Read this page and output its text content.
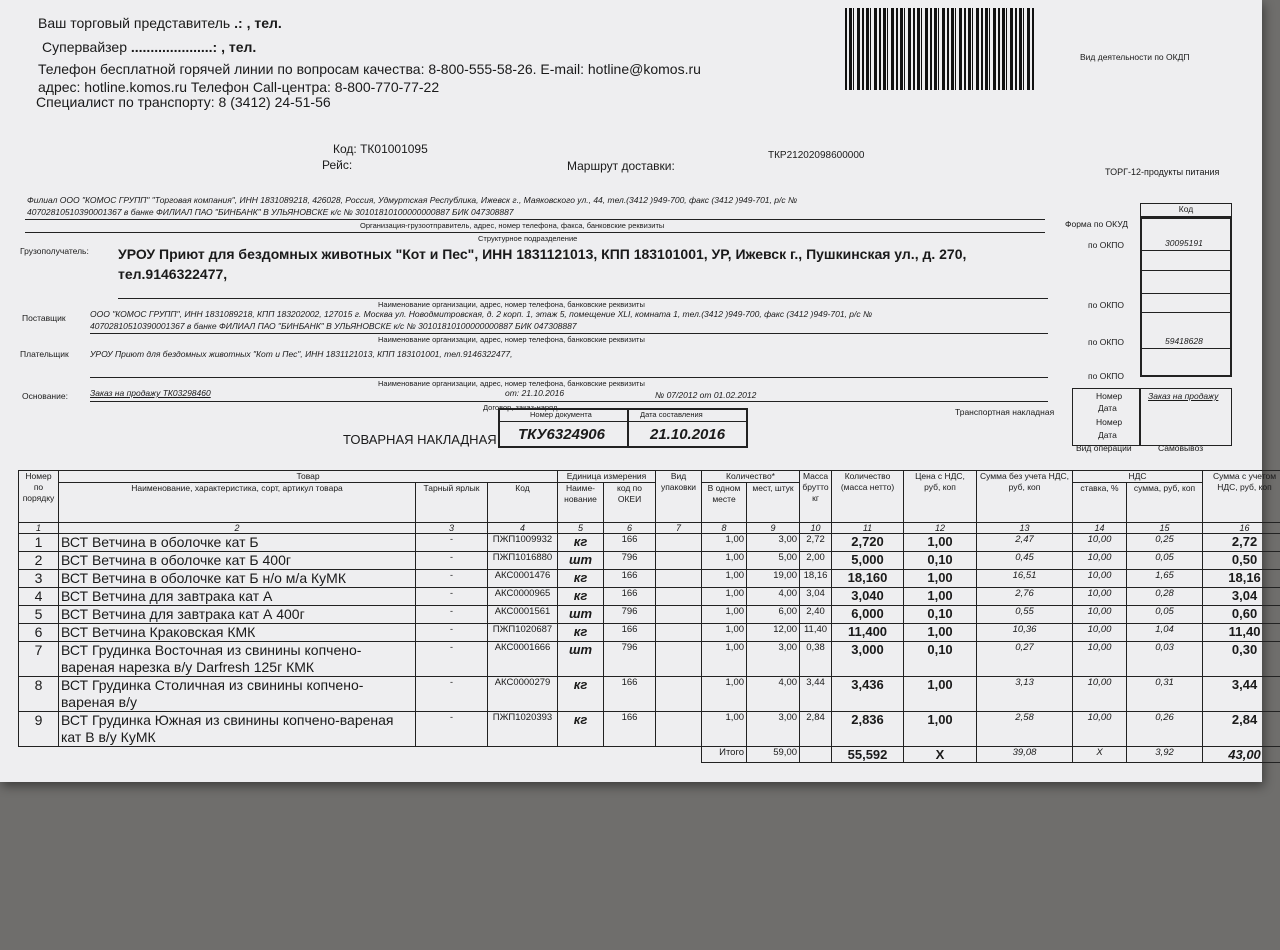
Ваш торговый представитель .: , тел.
Супервайзер .....................: , тел.
Телефон бесплатной горячей линии по вопросам качества: 8-800-555-58-26. E-mail: hotline@komos.ru
адрес: hotline.komos.ru Телефон Call-центра: 8-800-770-77-22
Специалист по транспорту: 8 (3412) 24-51-56
Вид деятельности по ОКДП
Код: ТК01001095
Рейс:	Маршрут доставки:
ТКР21202098600000
ТОРГ-12-продукты питания
Филиал ООО "КОМОС ГРУПП" "Торговая компания", ИНН 1831089218, 426028, Россия, Удмуртская Республика, Ижевск г., Маяковского ул., 44, тел.(3412 )949-700, факс (3412 )949-701, р/с №
40702810510390001367 в банке ФИЛИАЛ ПАО "БИНБАНК" В УЛЬЯНОВСКЕ к/с № 30101810100000000887 БИК 047308887
Организация-грузоотправитель, адрес, номер телефона, факса, банковские реквизиты
Структурное подразделение
Грузополучатель: УРОУ Приют для бездомных животных "Кот и Пес", ИНН 1831121013, КПП 183101001, УР, Ижевск г., Пушкинская ул., д. 270,
тел.9146322477,
Наименование организации, адрес, номер телефона, банковские реквизиты
Поставщик	ООО "КОМОС ГРУПП", ИНН 1831089218, КПП 183202002, 127015 г. Москва ул. Новодмитровская, д. 2 корп. 1, этаж 5, помещение XLI, комната 1, тел.(3412 )949-700, факс (3412 )949-701, р/с №
40702810510390001367 в банке ФИЛИАЛ ПАО "БИНБАНК" В УЛЬЯНОВСКЕ к/с № 30101810100000000887 БИК 047308887
Наименование организации, адрес, номер телефона, банковские реквизиты
Плательщик	УРОУ Приют для бездомных животных "Кот и Пес", ИНН 1831121013, КПП 183101001, тел.9146322477,
Наименование организации, адрес, номер телефона, банковские реквизиты
Основание:	Заказ на продажу ТК03298460	от: 21.10.2016	№ 07/2012 от 01.02.2012
Договор, заказ-наряд	Транспортная накладная
Код
Форма по ОКУД
по ОКПО	30095191
по ОКПО
по ОКПО	59418628
по ОКПО
Номер
Дата
Номер
Дата
Заказ на продажу
Вид операции	Самовывоз
ТОВАРНАЯ НАКЛАДНАЯ
Номер документа	Дата составления
ТКУ6324906	21.10.2016
Номер по порядку	Товар			Единица измерения		Вид упаковки	Количество*		Масса брутто кг	Количество (масса нетто)	Цена с НДС, руб, коп	Сумма без учета НДС, руб, коп	НДС		Сумма с учетом НДС, руб, коп
	Наименование, характеристика, сорт, артикул товара	Тарный ярлык	Код	Наиме-нование	код по ОКЕИ		В одном месте	мест, штук					ставка, %	сумма, руб, коп	
1	2	3	4	5	6	7	8	9	10	11	12	13	14	15	16
1	ВСТ Ветчина в оболочке кат Б	-	ПЖП1009932	кг	166		1,00	3,00	2,72	2,720	1,00	2,47	10,00	0,25	2,72
2	ВСТ Ветчина в оболочке кат Б 400г	-	ПЖП1016880	шт	796		1,00	5,00	2,00	5,000	0,10	0,45	10,00	0,05	0,50
3	ВСТ Ветчина в оболочке кат Б н/о м/а КуМК	-	АКС0001476	кг	166		1,00	19,00	18,16	18,160	1,00	16,51	10,00	1,65	18,16
4	ВСТ Ветчина для завтрака кат А	-	АКС0000965	кг	166		1,00	4,00	3,04	3,040	1,00	2,76	10,00	0,28	3,04
5	ВСТ Ветчина для завтрака кат А 400г	-	АКС0001561	шт	796		1,00	6,00	2,40	6,000	0,10	0,55	10,00	0,05	0,60
6	ВСТ Ветчина Краковская КМК	-	ПЖП1020687	кг	166		1,00	12,00	11,40	11,400	1,00	10,36	10,00	1,04	11,40
7	ВСТ Грудинка Восточная из свинины копчено-вареная нарезка в/у Darfresh 125г КМК	-	АКС0001666	шт	796		1,00	3,00	0,38	3,000	0,10	0,27	10,00	0,03	0,30
8	ВСТ Грудинка Столичная из свинины копчено-вареная в/у	-	АКС0000279	кг	166		1,00	4,00	3,44	3,436	1,00	3,13	10,00	0,31	3,44
9	ВСТ Грудинка Южная из свинины копчено-вареная кат В в/у КуМК	-	ПЖП1020393	кг	166		1,00	3,00	2,84	2,836	1,00	2,58	10,00	0,26	2,84
							Итого	59,00		55,592	X	39,08	X	3,92	43,00
